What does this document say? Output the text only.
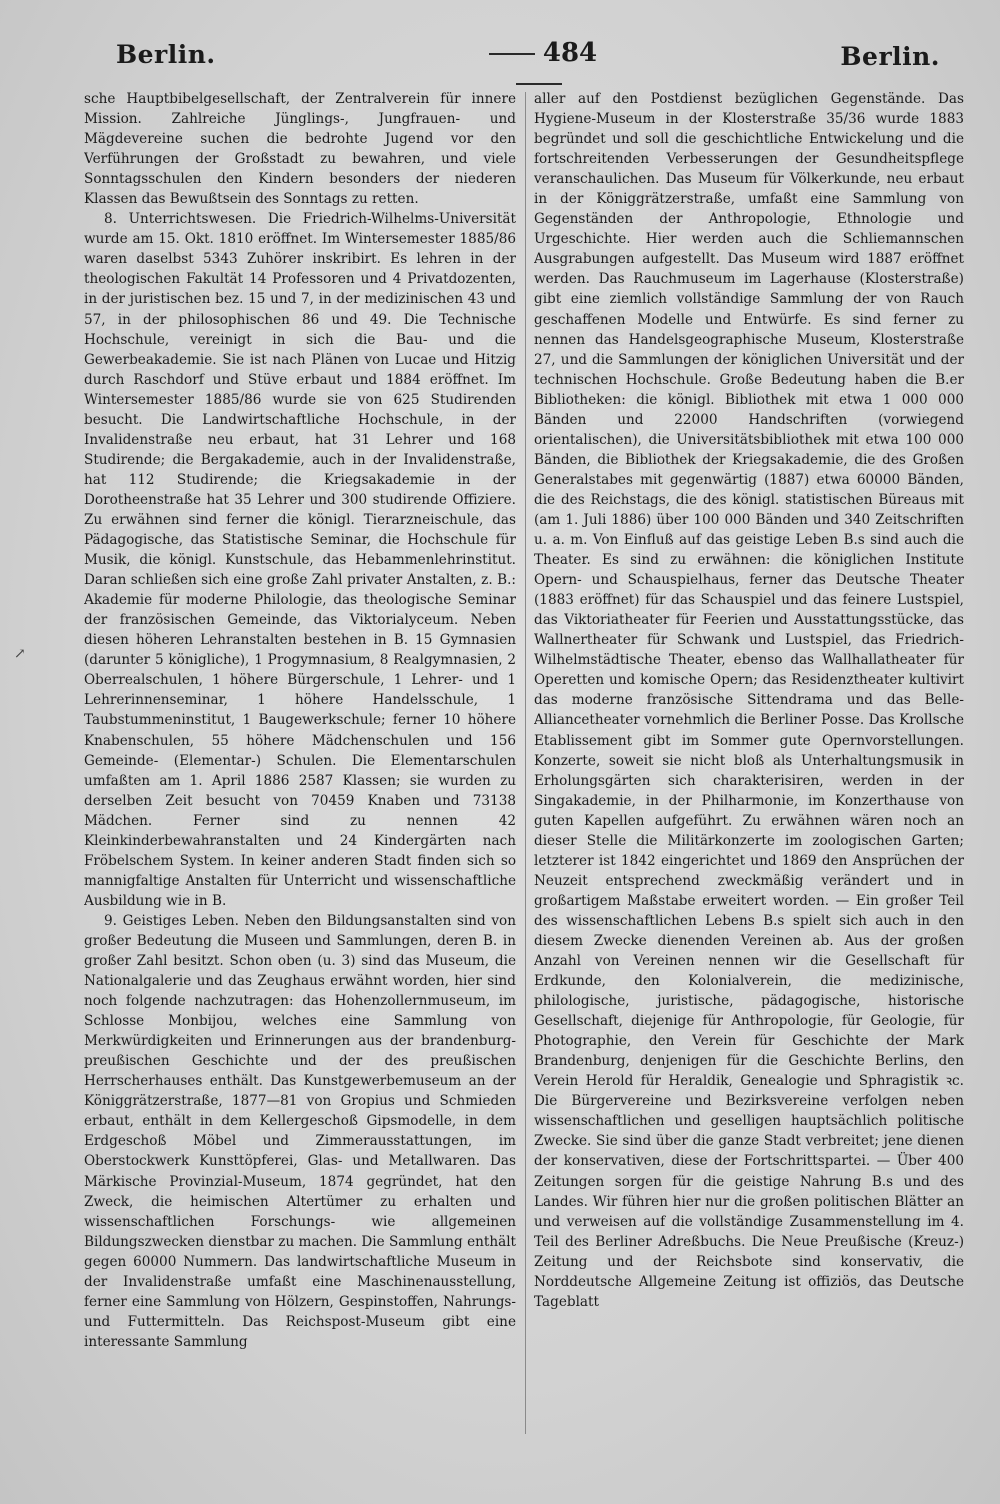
Berlin.	484	Berlin.
↗

sche Hauptbibelgesellschaft, der Zentralverein für innere Mission. Zahlreiche Jünglings-, Jungfrauen- und Mägdevereine suchen die bedrohte Jugend vor den Verführungen der Großstadt zu bewahren, und viele Sonntagsschulen den Kindern besonders der niederen Klassen das Bewußtsein des Sonntags zu retten.

8. Unterrichtswesen. Die Friedrich-Wilhelms-Universität wurde am 15. Okt. 1810 eröffnet. Im Wintersemester 1885/86 waren daselbst 5343 Zuhörer inskribirt. Es lehren in der theologischen Fakultät 14 Professoren und 4 Privatdozenten, in der juristischen bez. 15 und 7, in der medizinischen 43 und 57, in der philosophischen 86 und 49. Die Technische Hochschule, vereinigt in sich die Bau- und die Gewerbeakademie. Sie ist nach Plänen von Lucae und Hitzig durch Raschdorf und Stüve erbaut und 1884 eröffnet. Im Wintersemester 1885/86 wurde sie von 625 Studirenden besucht. Die Landwirtschaftliche Hochschule, in der Invalidenstraße neu erbaut, hat 31 Lehrer und 168 Studirende; die Bergakademie, auch in der Invalidenstraße, hat 112 Studirende; die Kriegsakademie in der Dorotheenstraße hat 35 Lehrer und 300 studirende Offiziere. Zu erwähnen sind ferner die königl. Tierarzneischule, das Pädagogische, das Statistische Seminar, die Hochschule für Musik, die königl. Kunstschule, das Hebammenlehrinstitut. Daran schließen sich eine große Zahl privater Anstalten, z. B.: Akademie für moderne Philologie, das theologische Seminar der französischen Gemeinde, das Viktorialyceum. Neben diesen höheren Lehranstalten bestehen in B. 15 Gymnasien (darunter 5 königliche), 1 Progymnasium, 8 Realgymnasien, 2 Oberrealschulen, 1 höhere Bürgerschule, 1 Lehrer- und 1 Lehrerinnenseminar, 1 höhere Handelsschule, 1 Taubstummeninstitut, 1 Baugewerkschule; ferner 10 höhere Knabenschulen, 55 höhere Mädchenschulen und 156 Gemeinde- (Elementar-) Schulen. Die Elementarschulen umfaßten am 1. April 1886 2587 Klassen; sie wurden zu derselben Zeit besucht von 70459 Knaben und 73138 Mädchen. Ferner sind zu nennen 42 Kleinkinderbewahranstalten und 24 Kindergärten nach Fröbelschem System. In keiner anderen Stadt finden sich so mannigfaltige Anstalten für Unterricht und wissenschaftliche Ausbildung wie in B.

9. Geistiges Leben. Neben den Bildungsanstalten sind von großer Bedeutung die Museen und Sammlungen, deren B. in großer Zahl besitzt. Schon oben (u. 3) sind das Museum, die Nationalgalerie und das Zeughaus erwähnt worden, hier sind noch folgende nachzutragen: das Hohenzollernmuseum, im Schlosse Monbijou, welches eine Sammlung von Merkwürdigkeiten und Erinnerungen aus der brandenburg-preußischen Geschichte und der des preußischen Herrscherhauses enthält. Das Kunstgewerbemuseum an der Königgrätzerstraße, 1877—81 von Gropius und Schmieden erbaut, enthält in dem Kellergeschoß Gipsmodelle, in dem Erdgeschoß Möbel und Zimmerausstattungen, im Oberstockwerk Kunsttöpferei, Glas- und Metallwaren. Das Märkische Provinzial-Museum, 1874 gegründet, hat den Zweck, die heimischen Altertümer zu erhalten und wissenschaftlichen Forschungs- wie allgemeinen Bildungszwecken dienstbar zu machen. Die Sammlung enthält gegen 60000 Nummern. Das landwirtschaftliche Museum in der Invalidenstraße umfaßt eine Maschinenausstellung, ferner eine Sammlung von Hölzern, Gespinstoffen, Nahrungs- und Futtermitteln. Das Reichspost-Museum gibt eine interessante Sammlung

aller auf den Postdienst bezüglichen Gegenstände. Das Hygiene-Museum in der Klosterstraße 35/36 wurde 1883 begründet und soll die geschichtliche Entwickelung und die fortschreitenden Verbesserungen der Gesundheitspflege veranschaulichen. Das Museum für Völkerkunde, neu erbaut in der Königgrätzerstraße, umfaßt eine Sammlung von Gegenständen der Anthropologie, Ethnologie und Urgeschichte. Hier werden auch die Schliemannschen Ausgrabungen aufgestellt. Das Museum wird 1887 eröffnet werden. Das Rauchmuseum im Lagerhause (Klosterstraße) gibt eine ziemlich vollständige Sammlung der von Rauch geschaffenen Modelle und Entwürfe. Es sind ferner zu nennen das Handelsgeographische Museum, Klosterstraße 27, und die Sammlungen der königlichen Universität und der technischen Hochschule. Große Bedeutung haben die B.er Bibliotheken: die königl. Bibliothek mit etwa 1 000 000 Bänden und 22000 Handschriften (vorwiegend orientalischen), die Universitätsbibliothek mit etwa 100 000 Bänden, die Bibliothek der Kriegsakademie, die des Großen Generalstabes mit gegenwärtig (1887) etwa 60000 Bänden, die des Reichstags, die des königl. statistischen Büreaus mit (am 1. Juli 1886) über 100 000 Bänden und 340 Zeitschriften u. a. m. Von Einfluß auf das geistige Leben B.s sind auch die Theater. Es sind zu erwähnen: die königlichen Institute Opern- und Schauspielhaus, ferner das Deutsche Theater (1883 eröffnet) für das Schauspiel und das feinere Lustspiel, das Viktoriatheater für Feerien und Ausstattungsstücke, das Wallnertheater für Schwank und Lustspiel, das Friedrich-Wilhelmstädtische Theater, ebenso das Wallhallatheater für Operetten und komische Opern; das Residenztheater kultivirt das moderne französische Sittendrama und das Belle-Alliancetheater vornehmlich die Berliner Posse. Das Krollsche Etablissement gibt im Sommer gute Opernvorstellungen. Konzerte, soweit sie nicht bloß als Unterhaltungsmusik in Erholungsgärten sich charakterisiren, werden in der Singakademie, in der Philharmonie, im Konzerthause von guten Kapellen aufgeführt. Zu erwähnen wären noch an dieser Stelle die Militärkonzerte im zoologischen Garten; letzterer ist 1842 eingerichtet und 1869 den Ansprüchen der Neuzeit entsprechend zweckmäßig verändert und in großartigem Maßstabe erweitert worden. — Ein großer Teil des wissenschaftlichen Lebens B.s spielt sich auch in den diesem Zwecke dienenden Vereinen ab. Aus der großen Anzahl von Vereinen nennen wir die Gesellschaft für Erdkunde, den Kolonialverein, die medizinische, philologische, juristische, pädagogische, historische Gesellschaft, diejenige für Anthropologie, für Geologie, für Photographie, den Verein für Geschichte der Mark Brandenburg, denjenigen für die Geschichte Berlins, den Verein Herold für Heraldik, Genealogie und Sphragistik ꝛc. Die Bürgervereine und Bezirksvereine verfolgen neben wissenschaftlichen und geselligen hauptsächlich politische Zwecke. Sie sind über die ganze Stadt verbreitet; jene dienen der konservativen, diese der Fortschrittspartei. — Über 400 Zeitungen sorgen für die geistige Nahrung B.s und des Landes. Wir führen hier nur die großen politischen Blätter an und verweisen auf die vollständige Zusammenstellung im 4. Teil des Berliner Adreßbuchs. Die Neue Preußische (Kreuz-) Zeitung und der Reichsbote sind konservativ, die Norddeutsche Allgemeine Zeitung ist offiziös, das Deutsche Tageblatt
